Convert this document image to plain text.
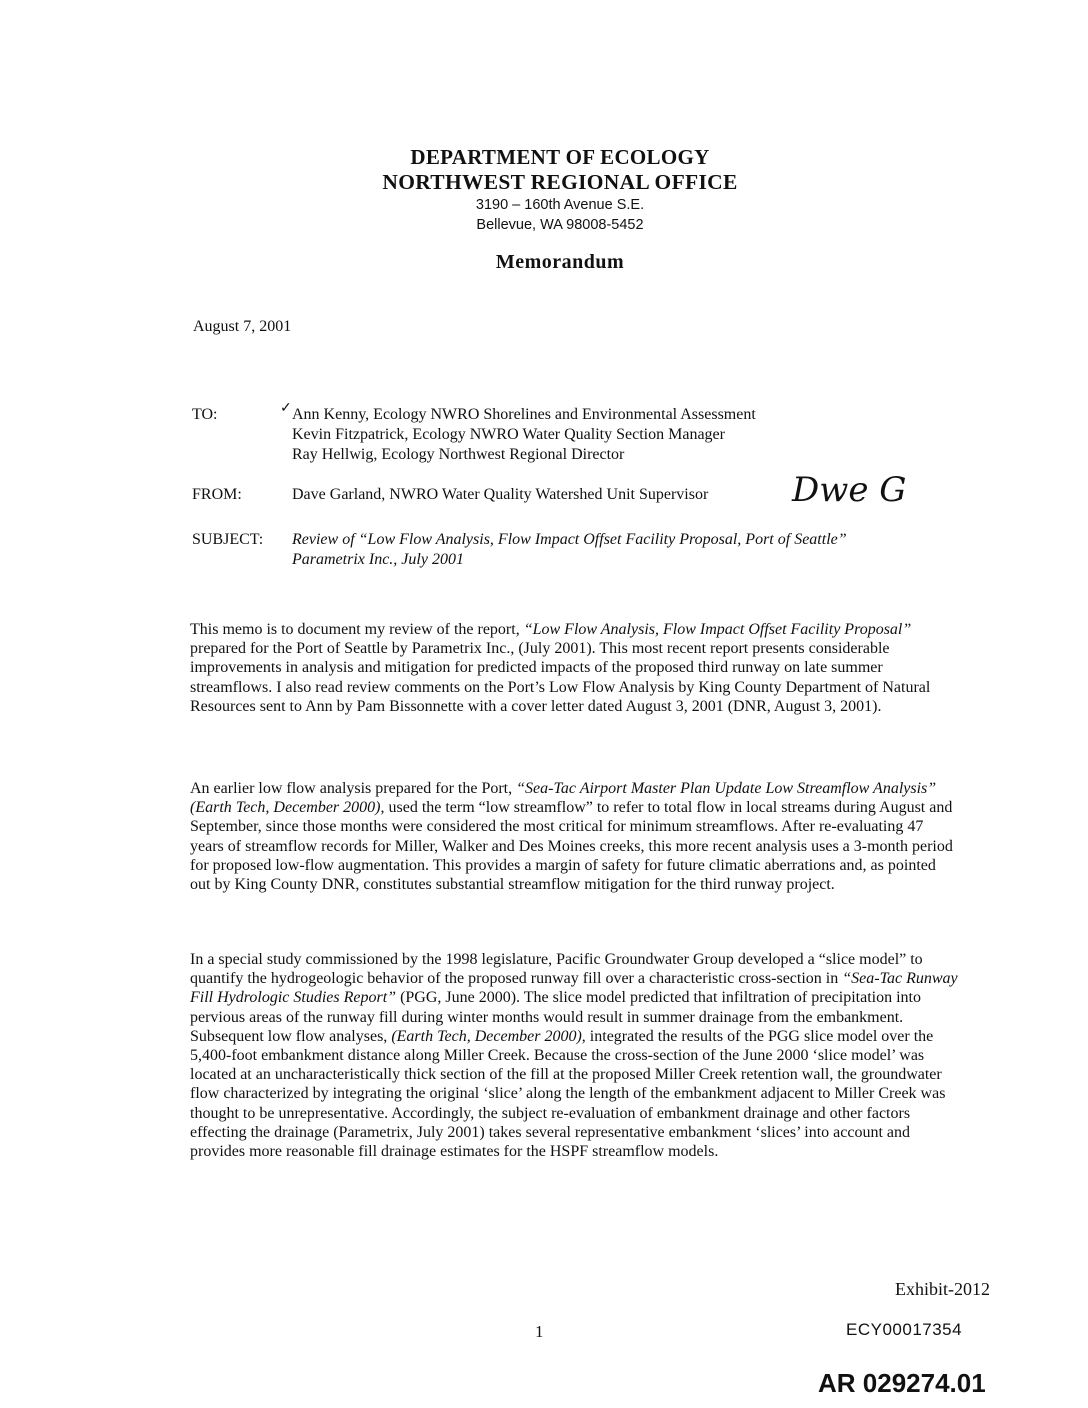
DEPARTMENT OF ECOLOGY
NORTHWEST REGIONAL OFFICE
3190 – 160th Avenue S.E.
Bellevue, WA 98008-5452
Memorandum
August 7, 2001
TO:	✓ Ann Kenny, Ecology NWRO Shorelines and Environmental Assessment
Kevin Fitzpatrick, Ecology NWRO Water Quality Section Manager
Ray Hellwig, Ecology Northwest Regional Director
FROM:	Dave Garland, NWRO Water Quality Watershed Unit Supervisor Dwe G
SUBJECT: Review of “Low Flow Analysis, Flow Impact Offset Facility Proposal, Port of Seattle”
Parametrix Inc., July 2001
This memo is to document my review of the report, “Low Flow Analysis, Flow Impact Offset Facility Proposal” prepared for the Port of Seattle by Parametrix Inc., (July 2001). This most recent report presents considerable improvements in analysis and mitigation for predicted impacts of the proposed third runway on late summer streamflows. I also read review comments on the Port’s Low Flow Analysis by King County Department of Natural Resources sent to Ann by Pam Bissonnette with a cover letter dated August 3, 2001 (DNR, August 3, 2001).
An earlier low flow analysis prepared for the Port, “Sea-Tac Airport Master Plan Update Low Streamflow Analysis” (Earth Tech, December 2000), used the term “low streamflow” to refer to total flow in local streams during August and September, since those months were considered the most critical for minimum streamflows. After re-evaluating 47 years of streamflow records for Miller, Walker and Des Moines creeks, this more recent analysis uses a 3-month period for proposed low-flow augmentation. This provides a margin of safety for future climatic aberrations and, as pointed out by King County DNR, constitutes substantial streamflow mitigation for the third runway project.
In a special study commissioned by the 1998 legislature, Pacific Groundwater Group developed a “slice model” to quantify the hydrogeologic behavior of the proposed runway fill over a characteristic cross-section in “Sea-Tac Runway Fill Hydrologic Studies Report” (PGG, June 2000). The slice model predicted that infiltration of precipitation into pervious areas of the runway fill during winter months would result in summer drainage from the embankment. Subsequent low flow analyses, (Earth Tech, December 2000), integrated the results of the PGG slice model over the 5,400-foot embankment distance along Miller Creek. Because the cross-section of the June 2000 ‘slice model’ was located at an uncharacteristically thick section of the fill at the proposed Miller Creek retention wall, the groundwater flow characterized by integrating the original ‘slice’ along the length of the embankment adjacent to Miller Creek was thought to be unrepresentative. Accordingly, the subject re-evaluation of embankment drainage and other factors effecting the drainage (Parametrix, July 2001) takes several representative embankment ‘slices’ into account and provides more reasonable fill drainage estimates for the HSPF streamflow models.
1
Exhibit-2012
ECY00017354
AR 029274.01
